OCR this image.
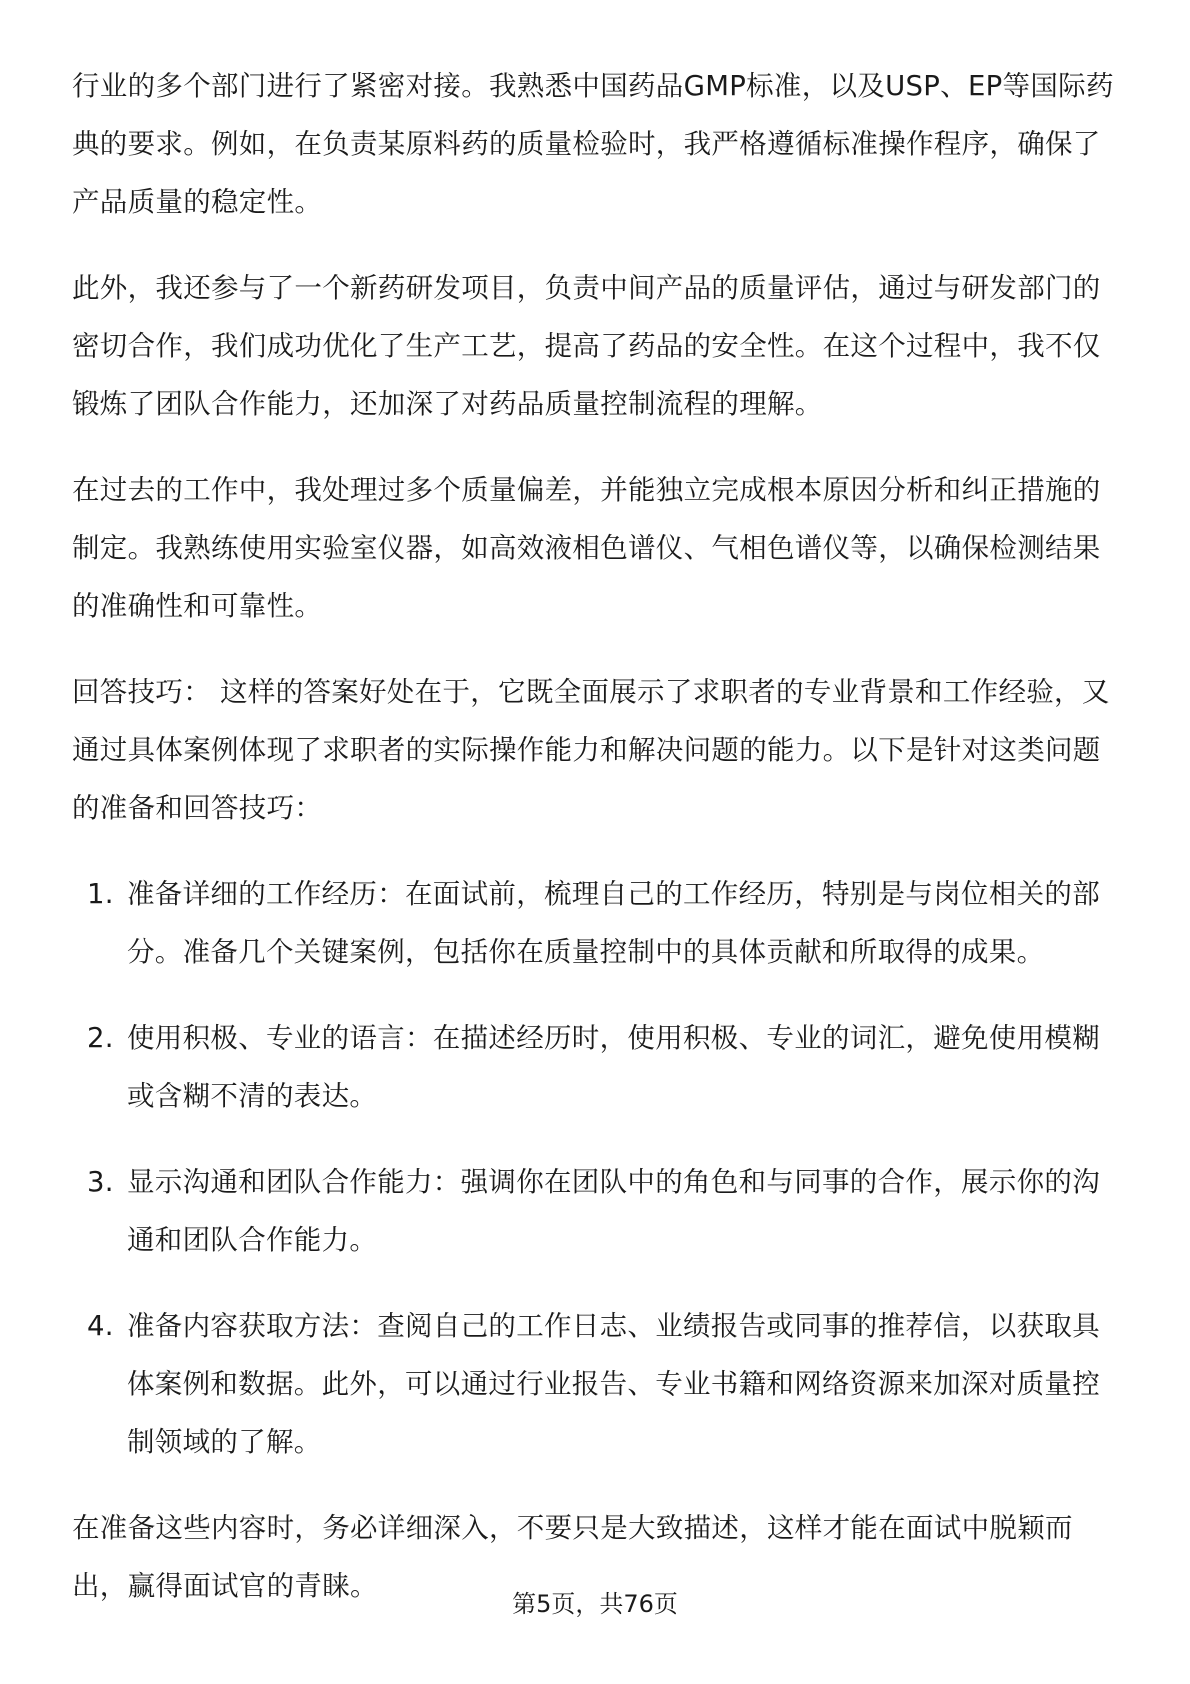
行业的多个部门进行了紧密对接。我熟悉中国药品GMP标准，以及USP、EP等国际药典的要求。例如，在负责某原料药的质量检验时，我严格遵循标准操作程序，确保了产品质量的稳定性。

此外，我还参与了一个新药研发项目，负责中间产品的质量评估，通过与研发部门的密切合作，我们成功优化了生产工艺，提高了药品的安全性。在这个过程中，我不仅锻炼了团队合作能力，还加深了对药品质量控制流程的理解。

在过去的工作中，我处理过多个质量偏差，并能独立完成根本原因分析和纠正措施的制定。我熟练使用实验室仪器，如高效液相色谱仪、气相色谱仪等，以确保检测结果的准确性和可靠性。

回答技巧： 这样的答案好处在于，它既全面展示了求职者的专业背景和工作经验，又通过具体案例体现了求职者的实际操作能力和解决问题的能力。以下是针对这类问题的准备和回答技巧：

1. 准备详细的工作经历：在面试前，梳理自己的工作经历，特别是与岗位相关的部分。准备几个关键案例，包括你在质量控制中的具体贡献和所取得的成果。
2. 使用积极、专业的语言：在描述经历时，使用积极、专业的词汇，避免使用模糊或含糊不清的表达。
3. 显示沟通和团队合作能力：强调你在团队中的角色和与同事的合作，展示你的沟通和团队合作能力。
4. 准备内容获取方法：查阅自己的工作日志、业绩报告或同事的推荐信，以获取具体案例和数据。此外，可以通过行业报告、专业书籍和网络资源来加深对质量控制领域的了解。

在准备这些内容时，务必详细深入，不要只是大致描述，这样才能在面试中脱颖而出，赢得面试官的青睐。

第5页，共76页
